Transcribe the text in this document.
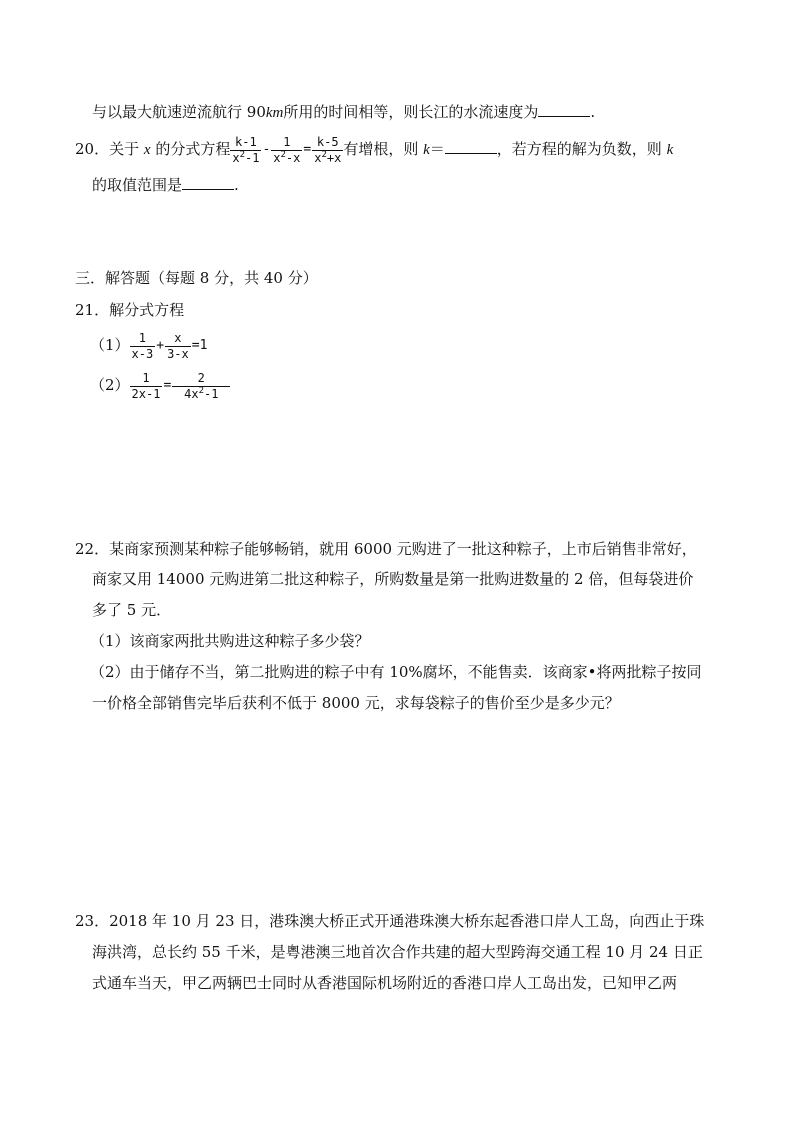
与以最大航速逆流航行 90km所用的时间相等，则长江的水流速度为	.
20．关于 x 的分式方程 $\frac{k-1}{x^2-1} - \frac{1}{x^2-x} = \frac{k-5}{x^2+x}$ 有增根，则 k＝	，若方程的解为负数，则 k
的取值范围是	.
三．解答题（每题 8 分，共 40 分）
21．解分式方程
$(1) \frac{1}{x-3} + \frac{x}{3-x} =1$
$(2) \frac{1}{2x-1} = \frac{2}{4x^2-1}$
22．某商家预测某种粽子能够畅销，就用 6000 元购进了一批这种粽子，上市后销售非常好，
商家又用 14000 元购进第二批这种粽子，所购数量是第一批购进数量的 2 倍，但每袋进价
多了 5 元．
（1）该商家两批共购进这种粽子多少袋？
（2）由于储存不当，第二批购进的粽子中有 10%腐坏，不能售卖．该商家•将两批粽子按同
一价格全部销售完毕后获利不低于 8000 元，求每袋粽子的售价至少是多少元？
23．2018 年 10 月 23 日，港珠澳大桥正式开通港珠澳大桥东起香港口岸人工岛，向西止于珠
海洪湾，总长约 55 千米，是粤港澳三地首次合作共建的超大型跨海交通工程 10 月 24 日正
式通车当天，甲乙两辆巴士同时从香港国际机场附近的香港口岸人工岛出发，已知甲乙两
